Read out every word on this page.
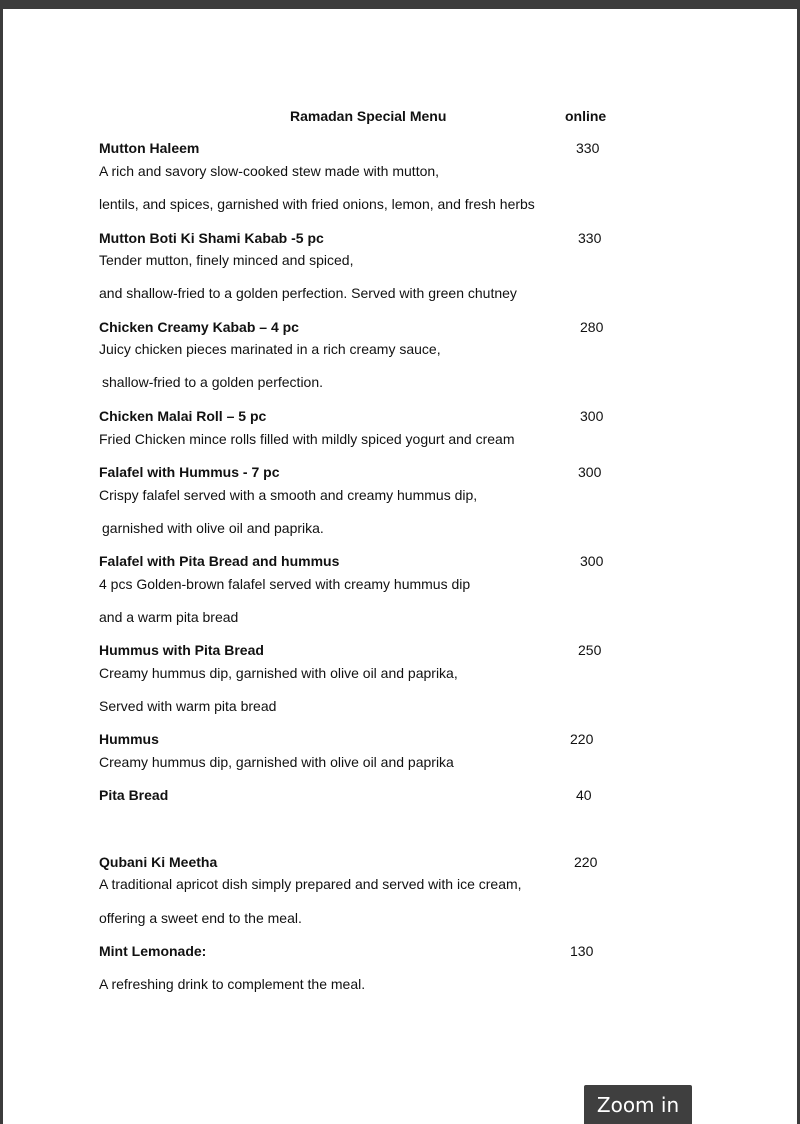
Ramadan Special Menu	online
Mutton Haleem	330
A rich and savory slow-cooked stew made with mutton,
lentils, and spices, garnished with fried onions, lemon, and fresh herbs
Mutton Boti Ki Shami Kabab -5 pc	330
Tender mutton, finely minced and spiced,
and shallow-fried to a golden perfection. Served with green chutney
Chicken Creamy Kabab – 4 pc	280
Juicy chicken pieces marinated in a rich creamy sauce,
shallow-fried to a golden perfection.
Chicken Malai Roll – 5 pc	300
Fried Chicken mince rolls filled with mildly spiced yogurt and cream
Falafel with Hummus - 7 pc	300
Crispy falafel served with a smooth and creamy hummus dip,
garnished with olive oil and paprika.
Falafel with Pita Bread and hummus	300
4 pcs Golden-brown falafel served with creamy hummus dip
and a warm pita bread
Hummus with Pita Bread	250
Creamy hummus dip, garnished with olive oil and paprika,
Served with warm pita bread
Hummus	220
Creamy hummus dip, garnished with olive oil and paprika
Pita Bread	40
Qubani Ki Meetha	220
A traditional apricot dish simply prepared and served with ice cream,
offering a sweet end to the meal.
Mint Lemonade:	130
A refreshing drink to complement the meal.
Zoom in
